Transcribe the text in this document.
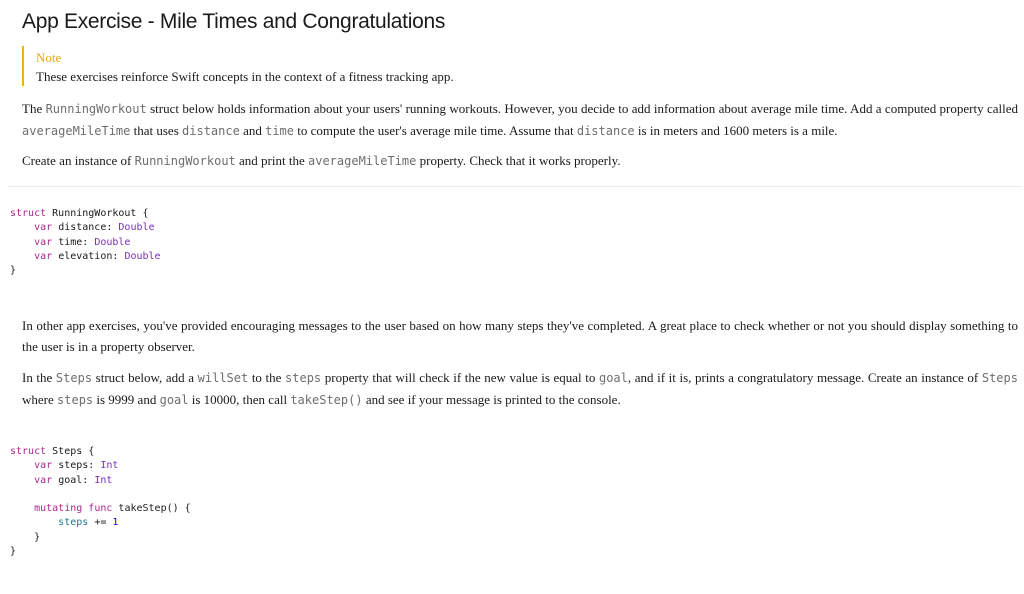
App Exercise - Mile Times and Congratulations
Note
These exercises reinforce Swift concepts in the context of a fitness tracking app.

The RunningWorkout struct below holds information about your users' running workouts. However, you decide to add information about average mile time. Add a computed property called averageMileTime that uses distance and time to compute the user's average mile time. Assume that distance is in meters and 1600 meters is a mile.

Create an instance of RunningWorkout and print the averageMileTime property. Check that it works properly.

struct RunningWorkout {
var distance: Double
var time: Double
var elevation: Double
}

In other app exercises, you've provided encouraging messages to the user based on how many steps they've completed. A great place to check whether or not you should display something to the user is in a property observer.

In the Steps struct below, add a willSet to the steps property that will check if the new value is equal to goal, and if it is, prints a congratulatory message. Create an instance of Steps where steps is 9999 and goal is 10000, then call takeStep() and see if your message is printed to the console.

struct Steps {
var steps: Int
var goal: Int

mutating func takeStep() {
steps += 1
}
}
